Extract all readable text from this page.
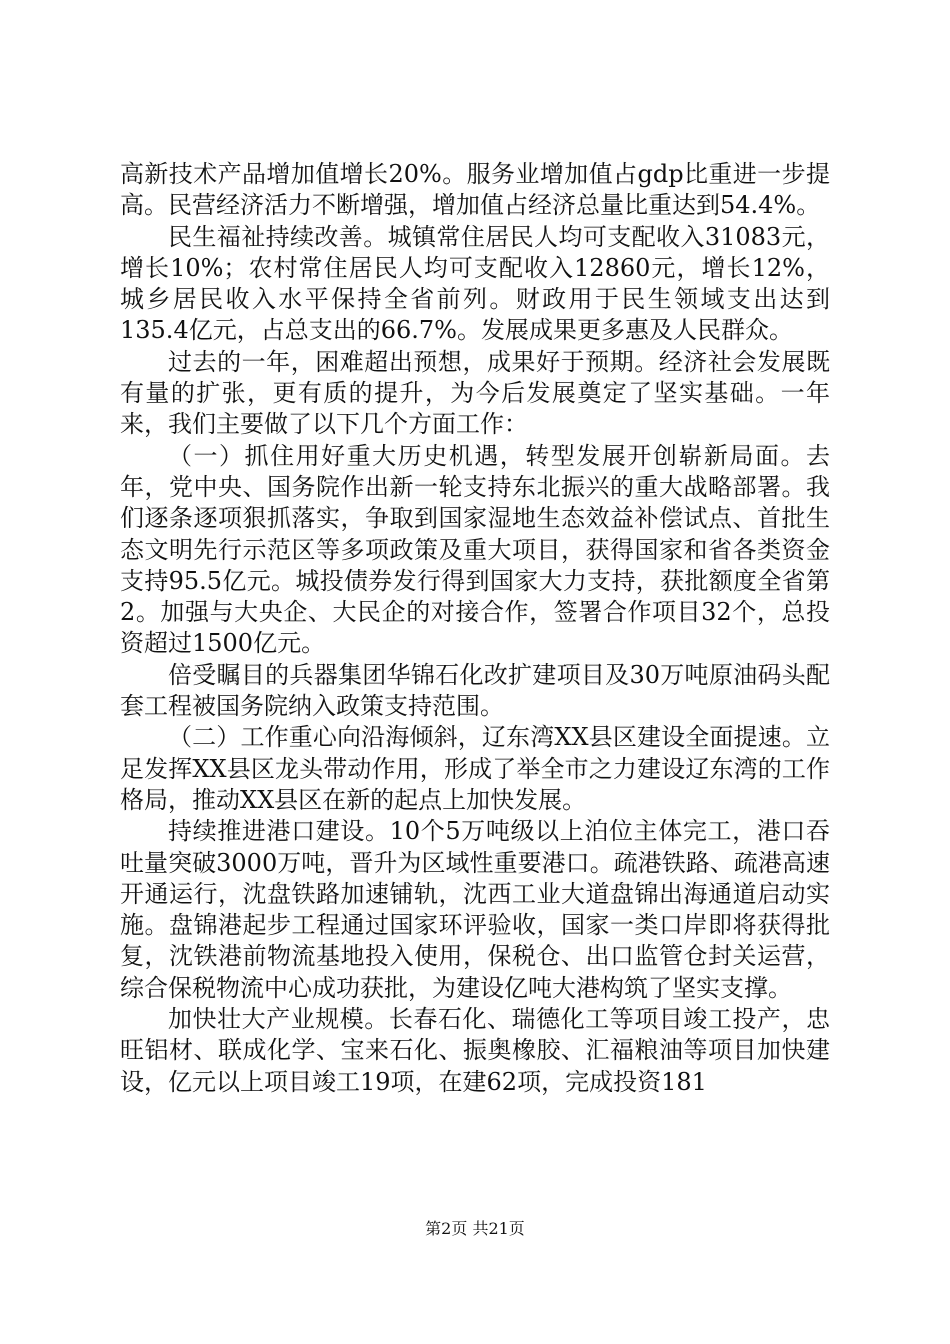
高新技术产品增加值增长20%。服务业增加值占gdp比重进一步提高。民营经济活力不断增强，增加值占经济总量比重达到54.4%。

民生福祉持续改善。城镇常住居民人均可支配收入31083元，增长10%；农村常住居民人均可支配收入12860元，增长12%，城乡居民收入水平保持全省前列。财政用于民生领域支出达到135.4亿元，占总支出的66.7%。发展成果更多惠及人民群众。

过去的一年，困难超出预想，成果好于预期。经济社会发展既有量的扩张，更有质的提升，为今后发展奠定了坚实基础。一年来，我们主要做了以下几个方面工作：

（一）抓住用好重大历史机遇，转型发展开创崭新局面。去年，党中央、国务院作出新一轮支持东北振兴的重大战略部署。我们逐条逐项狠抓落实，争取到国家湿地生态效益补偿试点、首批生态文明先行示范区等多项政策及重大项目，获得国家和省各类资金支持95.5亿元。城投债券发行得到国家大力支持，获批额度全省第2。加强与大央企、大民企的对接合作，签署合作项目32个，总投资超过1500亿元。

倍受瞩目的兵器集团华锦石化改扩建项目及30万吨原油码头配套工程被国务院纳入政策支持范围。

（二）工作重心向沿海倾斜，辽东湾XX县区建设全面提速。立足发挥XX县区龙头带动作用，形成了举全市之力建设辽东湾的工作格局，推动XX县区在新的起点上加快发展。

持续推进港口建设。10个5万吨级以上泊位主体完工，港口吞吐量突破3000万吨，晋升为区域性重要港口。疏港铁路、疏港高速开通运行，沈盘铁路加速铺轨，沈西工业大道盘锦出海通道启动实施。盘锦港起步工程通过国家环评验收，国家一类口岸即将获得批复，沈铁港前物流基地投入使用，保税仓、出口监管仓封关运营，综合保税物流中心成功获批，为建设亿吨大港构筑了坚实支撑。

加快壮大产业规模。长春石化、瑞德化工等项目竣工投产，忠旺铝材、联成化学、宝来石化、振奥橡胶、汇福粮油等项目加快建设，亿元以上项目竣工19项，在建62项，完成投资181

第2页 共21页
